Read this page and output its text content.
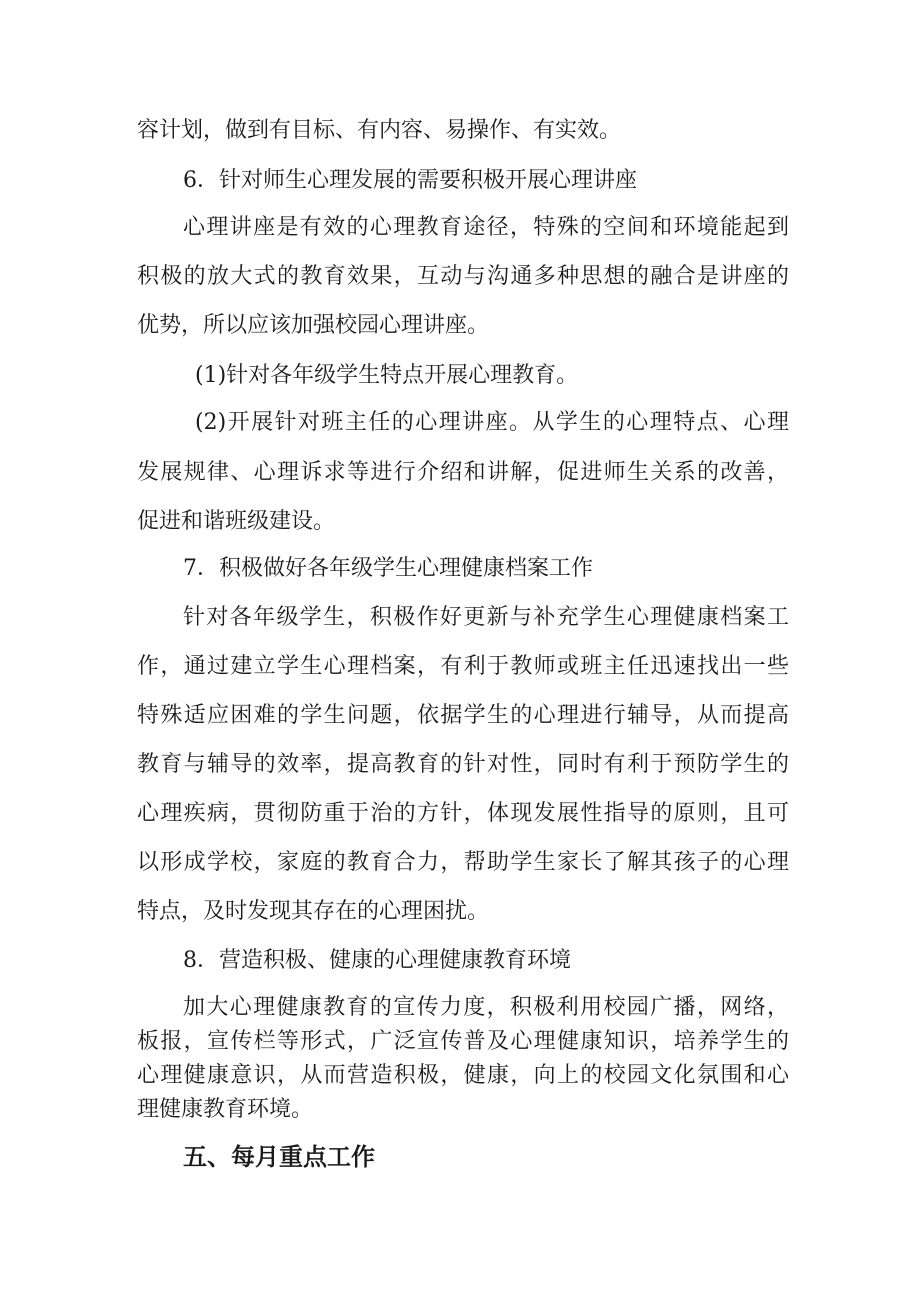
容计划，做到有目标、有内容、易操作、有实效。
6．针对师生心理发展的需要积极开展心理讲座
心理讲座是有效的心理教育途径，特殊的空间和环境能起到
积极的放大式的教育效果，互动与沟通多种思想的融合是讲座的
优势，所以应该加强校园心理讲座。
(1)针对各年级学生特点开展心理教育。
(2)开展针对班主任的心理讲座。从学生的心理特点、心理
发展规律、心理诉求等进行介绍和讲解，促进师生关系的改善，
促进和谐班级建设。
7．积极做好各年级学生心理健康档案工作
针对各年级学生，积极作好更新与补充学生心理健康档案工
作，通过建立学生心理档案，有利于教师或班主任迅速找出一些
特殊适应困难的学生问题，依据学生的心理进行辅导，从而提高
教育与辅导的效率，提高教育的针对性，同时有利于预防学生的
心理疾病，贯彻防重于治的方针，体现发展性指导的原则，且可
以形成学校，家庭的教育合力，帮助学生家长了解其孩子的心理
特点，及时发现其存在的心理困扰。
8．营造积极、健康的心理健康教育环境
加大心理健康教育的宣传力度，积极利用校园广播，网络，
板报，宣传栏等形式，广泛宣传普及心理健康知识，培养学生的
心理健康意识，从而营造积极，健康，向上的校园文化氛围和心
理健康教育环境。
五、每月重点工作
